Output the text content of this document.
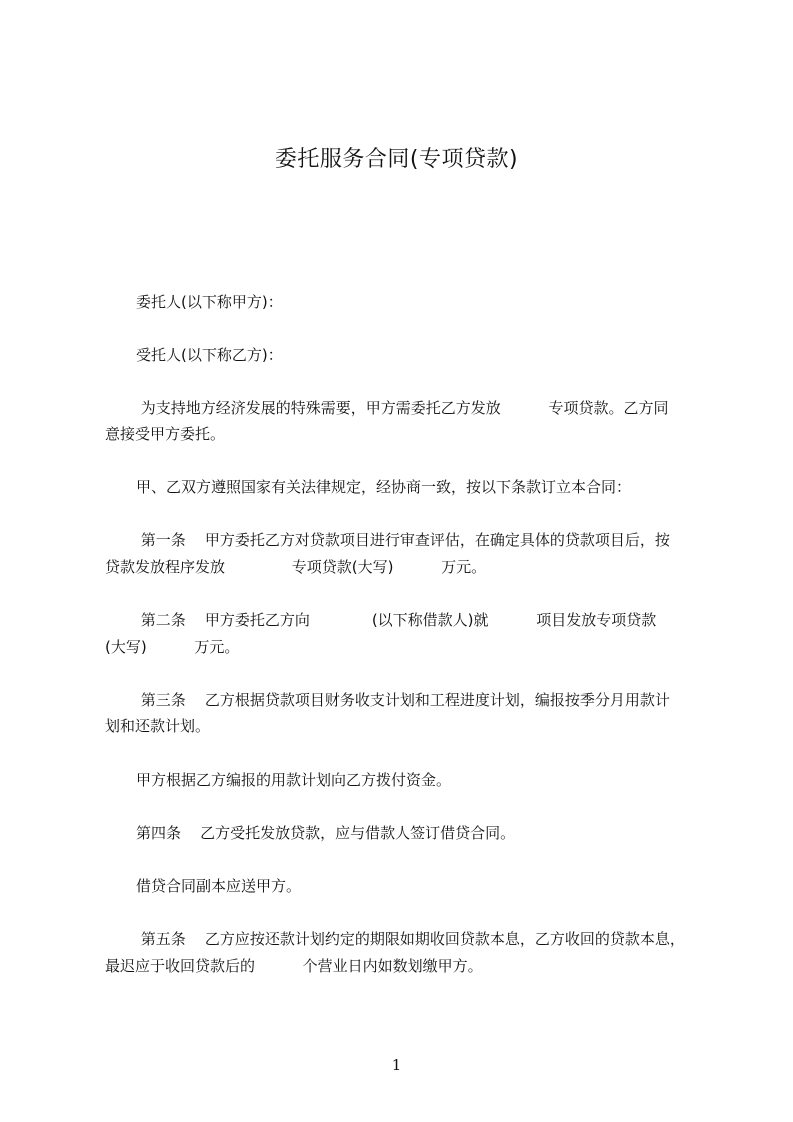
委托服务合同(专项贷款)
委托人(以下称甲方)：
受托人(以下称乙方)：
为支持地方经济发展的特殊需要，甲方需委托乙方发放          专项贷款。乙方同
意接受甲方委托。
甲、乙双方遵照国家有关法律规定，经协商一致，按以下条款订立本合同：
第一条    甲方委托乙方对贷款项目进行审查评估，在确定具体的贷款项目后，按
贷款发放程序发放              专项贷款(大写)          万元。
第二条    甲方委托乙方向             (以下称借款人)就          项目发放专项贷款
(大写)          万元。
第三条    乙方根据贷款项目财务收支计划和工程进度计划，编报按季分月用款计
划和还款计划。
甲方根据乙方编报的用款计划向乙方拨付资金。
第四条    乙方受托发放贷款，应与借款人签订借贷合同。
借贷合同副本应送甲方。
第五条    乙方应按还款计划约定的期限如期收回贷款本息，乙方收回的贷款本息，
最迟应于收回贷款后的          个营业日内如数划缴甲方。
1
